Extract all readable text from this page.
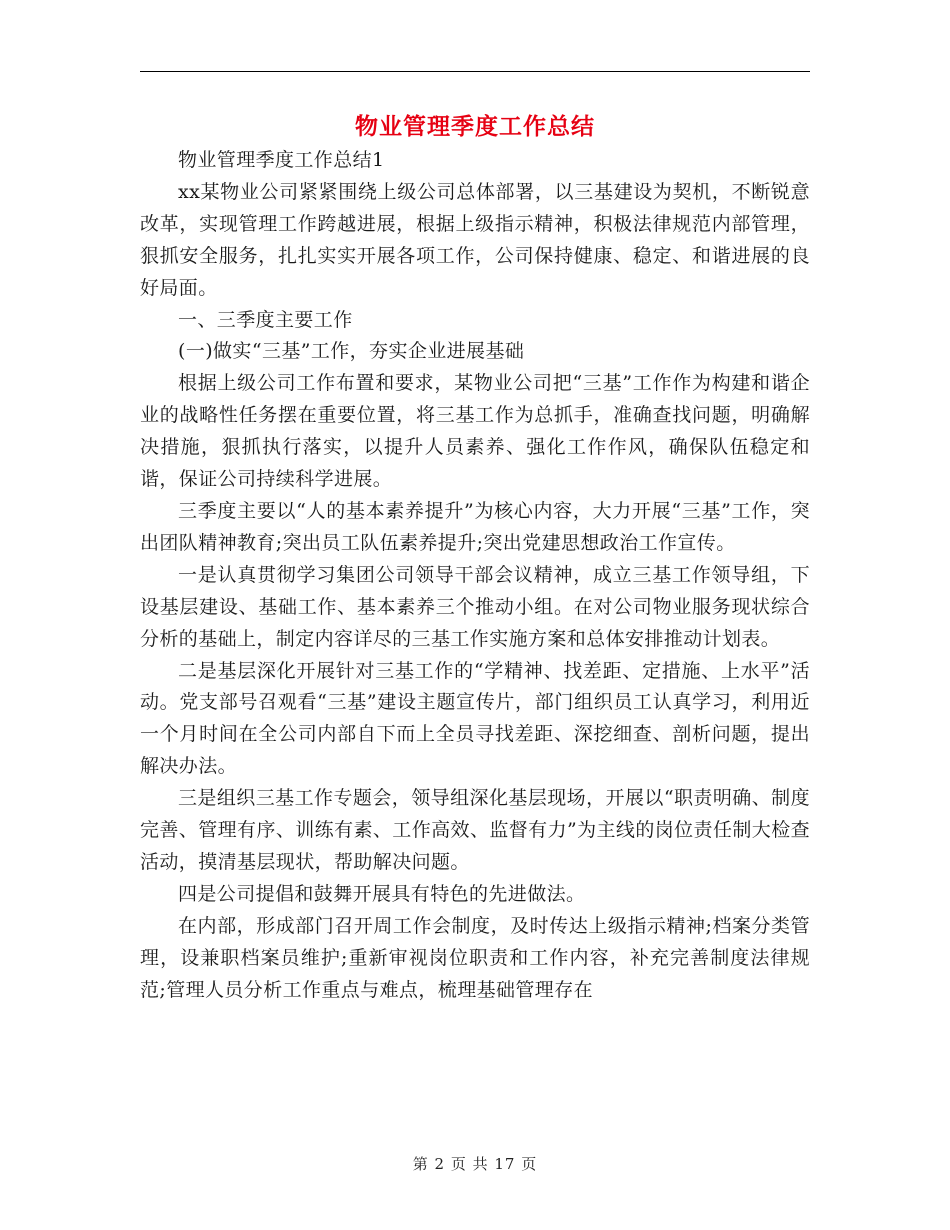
物业管理季度工作总结

物业管理季度工作总结1

xx某物业公司紧紧围绕上级公司总体部署，以三基建设为契机，不断锐意改革，实现管理工作跨越进展，根据上级指示精神，积极法律规范内部管理，狠抓安全服务，扎扎实实开展各项工作，公司保持健康、稳定、和谐进展的良好局面。

一、三季度主要工作

(一)做实“三基”工作，夯实企业进展基础

根据上级公司工作布置和要求，某物业公司把“三基”工作作为构建和谐企业的战略性任务摆在重要位置，将三基工作为总抓手，准确查找问题，明确解决措施，狠抓执行落实，以提升人员素养、强化工作作风，确保队伍稳定和谐，保证公司持续科学进展。

三季度主要以“人的基本素养提升”为核心内容，大力开展“三基”工作，突出团队精神教育;突出员工队伍素养提升;突出党建思想政治工作宣传。

一是认真贯彻学习集团公司领导干部会议精神，成立三基工作领导组，下设基层建设、基础工作、基本素养三个推动小组。在对公司物业服务现状综合分析的基础上，制定内容详尽的三基工作实施方案和总体安排推动计划表。

二是基层深化开展针对三基工作的“学精神、找差距、定措施、上水平”活动。党支部号召观看“三基”建设主题宣传片，部门组织员工认真学习，利用近一个月时间在全公司内部自下而上全员寻找差距、深挖细查、剖析问题，提出解决办法。

三是组织三基工作专题会，领导组深化基层现场，开展以“职责明确、制度完善、管理有序、训练有素、工作高效、监督有力”为主线的岗位责任制大检查活动，摸清基层现状，帮助解决问题。

四是公司提倡和鼓舞开展具有特色的先进做法。

在内部，形成部门召开周工作会制度，及时传达上级指示精神;档案分类管理，设兼职档案员维护;重新审视岗位职责和工作内容，补充完善制度法律规范;管理人员分析工作重点与难点，梳理基础管理存在

第 2 页 共 17 页
